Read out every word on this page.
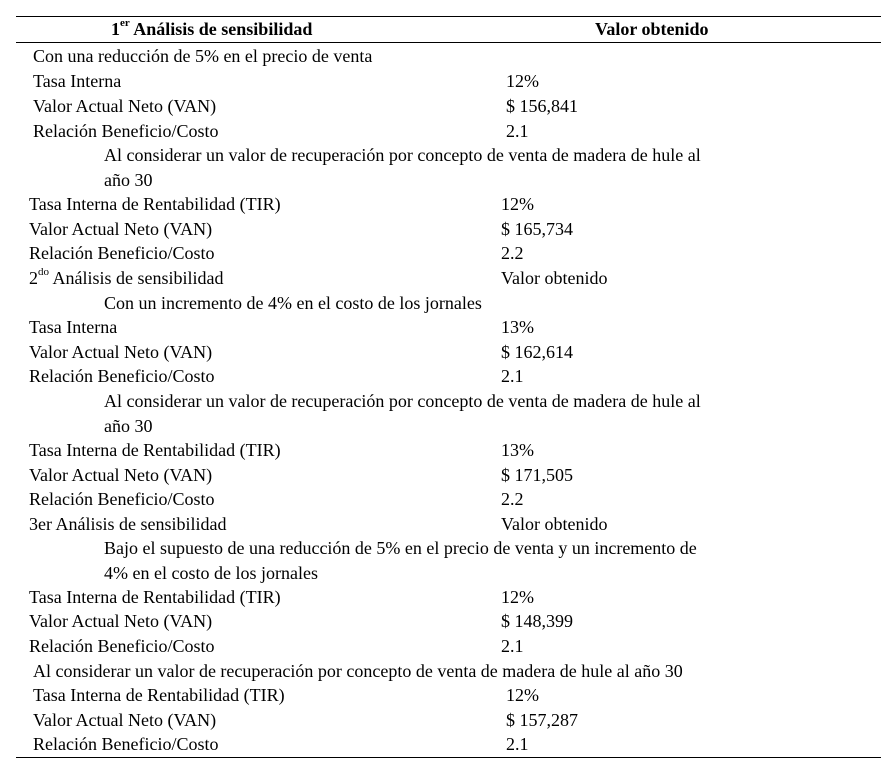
1er Análisis de sensibilidad	Valor obtenido
Con una reducción de 5% en el precio de venta
Tasa Interna	12%
Valor Actual Neto (VAN)	$ 156,841
Relación Beneficio/Costo	2.1
Al considerar un valor de recuperación por concepto de venta de madera de hule al
año 30
Tasa Interna de Rentabilidad (TIR)	12%
Valor Actual Neto (VAN)	$ 165,734
Relación Beneficio/Costo	2.2
$2^{do}$ Análisis de sensibilidad	Valor obtenido
Con un incremento de 4% en el costo de los jornales
Tasa Interna	13%
Valor Actual Neto (VAN)	$ 162,614
Relación Beneficio/Costo	2.1
Al considerar un valor de recuperación por concepto de venta de madera de hule al
año 30
Tasa Interna de Rentabilidad (TIR)	13%
Valor Actual Neto (VAN)	$ 171,505
Relación Beneficio/Costo	2.2
3er Análisis de sensibilidad	Valor obtenido
Bajo el supuesto de una reducción de 5% en el precio de venta y un incremento de
4% en el costo de los jornales
Tasa Interna de Rentabilidad (TIR)	12%
Valor Actual Neto (VAN)	$ 148,399
Relación Beneficio/Costo	2.1
Al considerar un valor de recuperación por concepto de venta de madera de hule al año 30
Tasa Interna de Rentabilidad (TIR)	12%
Valor Actual Neto (VAN)	$ 157,287
Relación Beneficio/Costo	2.1
